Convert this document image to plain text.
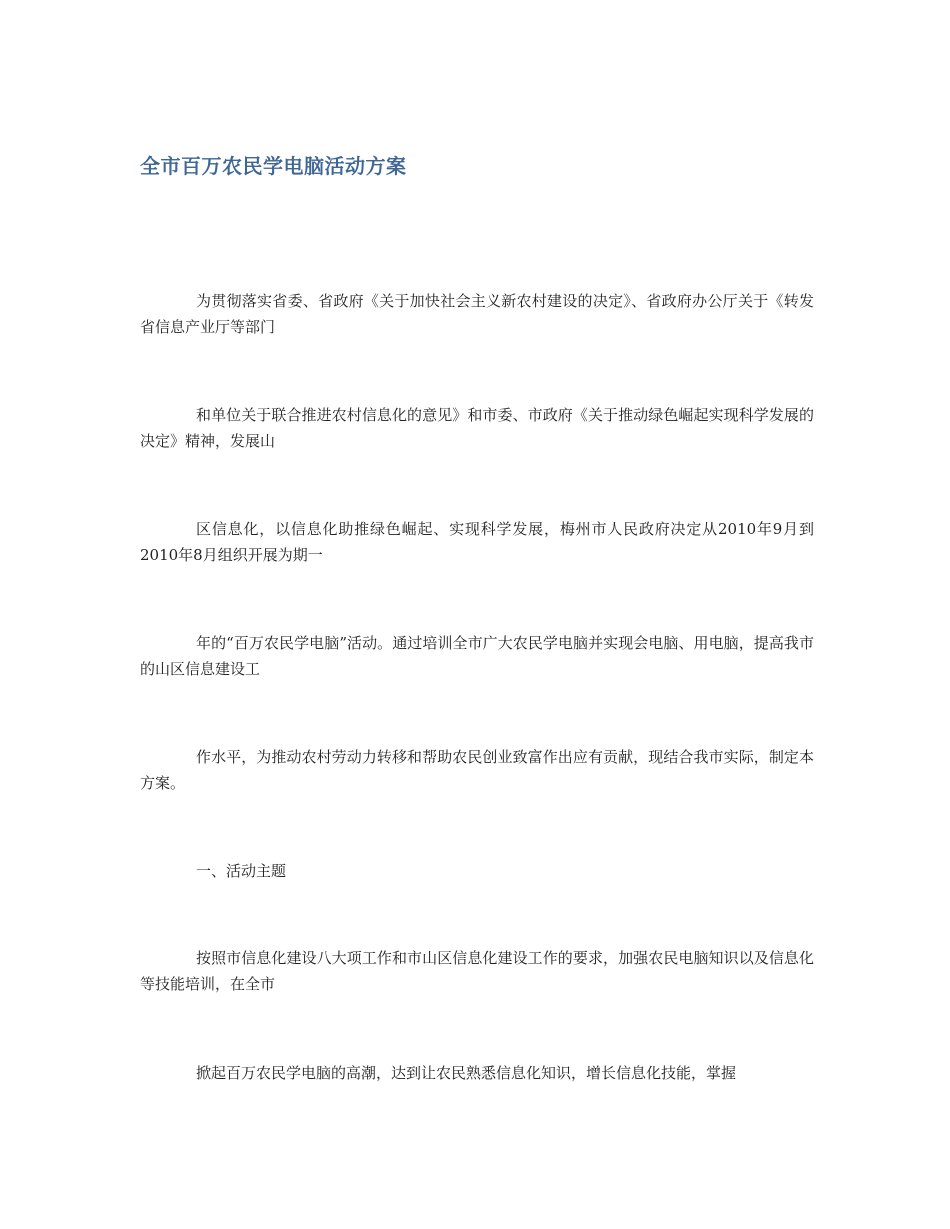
全市百万农民学电脑活动方案

为贯彻落实省委、省政府《关于加快社会主义新农村建设的决定》、省政府办公厅关于《转发省信息产业厅等部门

和单位关于联合推进农村信息化的意见》和市委、市政府《关于推动绿色崛起实现科学发展的决定》精神，发展山

区信息化，以信息化助推绿色崛起、实现科学发展，梅州市人民政府决定从2010年9月到2010年8月组织开展为期一

年的“百万农民学电脑”活动。通过培训全市广大农民学电脑并实现会电脑、用电脑，提高我市的山区信息建设工

作水平，为推动农村劳动力转移和帮助农民创业致富作出应有贡献，现结合我市实际，制定本方案。

一、活动主题

按照市信息化建设八大项工作和市山区信息化建设工作的要求，加强农民电脑知识以及信息化等技能培训，在全市

掀起百万农民学电脑的高潮，达到让农民熟悉信息化知识，增长信息化技能，掌握
